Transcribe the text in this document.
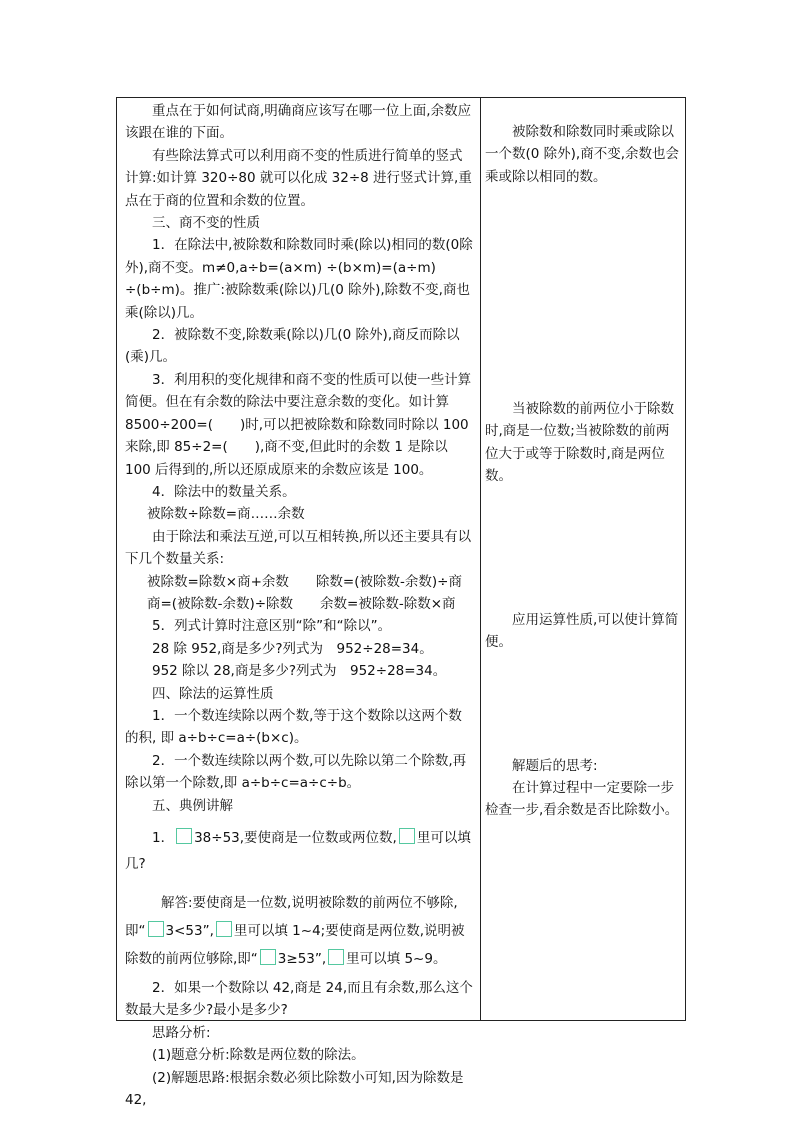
重点在于如何试商,明确商应该写在哪一位上面,余数应该跟在谁的下面。

有些除法算式可以利用商不变的性质进行简单的竖式计算:如计算 320÷80 就可以化成 32÷8 进行竖式计算,重点在于商的位置和余数的位置。

三、商不变的性质

1．在除法中,被除数和除数同时乘(除以)相同的数(0除外),商不变。m≠0,a÷b=(a×m) ÷(b×m)=(a÷m) ÷(b÷m)。推广:被除数乘(除以)几(0 除外),除数不变,商也乘(除以)几。

2．被除数不变,除数乘(除以)几(0 除外),商反而除以(乘)几。

3．利用积的变化规律和商不变的性质可以使一些计算简便。但在有余数的除法中要注意余数的变化。如计算 8500÷200=(　　)时,可以把被除数和除数同时除以 100 来除,即 85÷2=(　　),商不变,但此时的余数 1 是除以 100 后得到的,所以还原成原来的余数应该是 100。

4．除法中的数量关系。

被除数÷除数=商……余数

由于除法和乘法互逆,可以互相转换,所以还主要具有以下几个数量关系:

被除数=除数×商+余数　　除数=(被除数-余数)÷商

商=(被除数-余数)÷除数　　余数=被除数-除数×商

5．列式计算时注意区别“除”和“除以”。

28 除 952,商是多少?列式为　952÷28=34。

952 除以 28,商是多少?列式为　952÷28=34。

四、除法的运算性质

1．一个数连续除以两个数,等于这个数除以这两个数的积, 即 a÷b÷c=a÷(b×c)。

2．一个数连续除以两个数,可以先除以第二个除数,再除以第一个除数,即 a÷b÷c=a÷c÷b。

五、典例讲解

1． 38÷53,要使商是一位数或两位数, 里可以填几?

解答:要使商是一位数,说明被除数的前两位不够除,即“ 3<53”, 里可以填 1~4;要使商是两位数,说明被除数的前两位够除,即“ 3≥53”, 里可以填 5~9。

2．如果一个数除以 42,商是 24,而且有余数,那么这个数最大是多少?最小是多少?

思路分析:

(1)题意分析:除数是两位数的除法。

(2)解题思路:根据余数必须比除数小可知,因为除数是 42,

被除数和除数同时乘或除以一个数(0 除外),商不变,余数也会乘或除以相同的数。

当被除数的前两位小于除数时,商是一位数;当被除数的前两位大于或等于除数时,商是两位数。

应用运算性质,可以使计算简便。

解题后的思考:

在计算过程中一定要除一步检查一步,看余数是否比除数小。
